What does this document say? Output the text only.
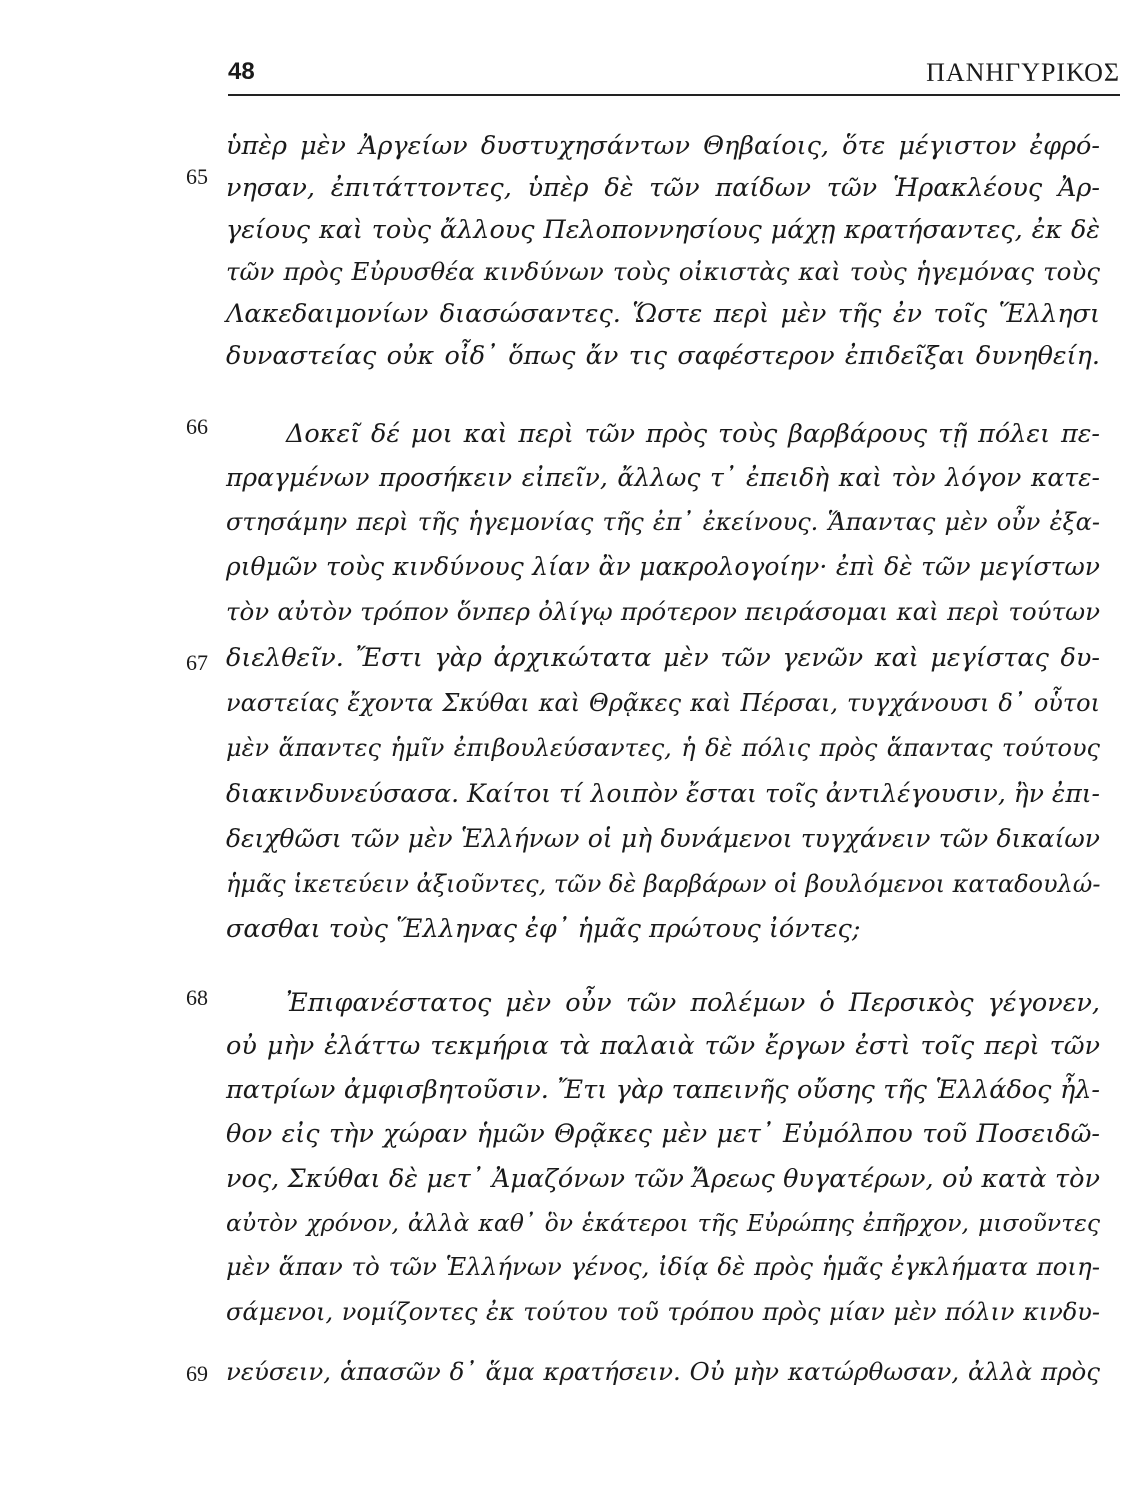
48	ΠΑΝΗΓΥΡΙΚΟΣ
65
66
67
68
69
ὑπὲρ μὲν Ἀργείων δυστυχησάντων Θηβαίοις, ὅτε μέγιστον ἐφρό-
νησαν, ἐπιτάττοντες, ὑπὲρ δὲ τῶν παίδων τῶν Ἡρακλέους Ἀρ-
γείους καὶ τοὺς ἄλλους Πελοποννησίους μάχῃ κρατήσαντες, ἐκ δὲ
τῶν πρὸς Εὐρυσθέα κινδύνων τοὺς οἰκιστὰς καὶ τοὺς ἡγεμόνας τοὺς
Λακεδαιμονίων διασώσαντες. Ὥστε περὶ μὲν τῆς ἐν τοῖς Ἕλλησι
δυναστείας οὐκ οἶδ᾽ ὅπως ἄν τις σαφέστερον ἐπιδεῖξαι δυνηθείη.
Δοκεῖ δέ μοι καὶ περὶ τῶν πρὸς τοὺς βαρβάρους τῇ πόλει πε-
πραγμένων προσήκειν εἰπεῖν, ἄλλως τ᾽ ἐπειδὴ καὶ τὸν λόγον κατε-
στησάμην περὶ τῆς ἡγεμονίας τῆς ἐπ᾽ ἐκείνους. Ἅπαντας μὲν οὖν ἐξα-
ριθμῶν τοὺς κινδύνους λίαν ἂν μακρολογοίην· ἐπὶ δὲ τῶν μεγίστων
τὸν αὐτὸν τρόπον ὅνπερ ὀλίγῳ πρότερον πειράσομαι καὶ περὶ τούτων
διελθεῖν. Ἔστι γὰρ ἀρχικώτατα μὲν τῶν γενῶν καὶ μεγίστας δυ-
ναστείας ἔχοντα Σκύθαι καὶ Θρᾷκες καὶ Πέρσαι, τυγχάνουσι δ᾽ οὗτοι
μὲν ἅπαντες ἡμῖν ἐπιβουλεύσαντες, ἡ δὲ πόλις πρὸς ἅπαντας τούτους
διακινδυνεύσασα. Καίτοι τί λοιπὸν ἔσται τοῖς ἀντιλέγουσιν, ἢν ἐπι-
δειχθῶσι τῶν μὲν Ἑλλήνων οἱ μὴ δυνάμενοι τυγχάνειν τῶν δικαίων
ἡμᾶς ἱκετεύειν ἀξιοῦντες, τῶν δὲ βαρβάρων οἱ βουλόμενοι καταδουλώ-
σασθαι τοὺς Ἕλληνας ἐφ᾽ ἡμᾶς πρώτους ἰόντες;
Ἐπιφανέστατος μὲν οὖν τῶν πολέμων ὁ Περσικὸς γέγονεν,
οὐ μὴν ἐλάττω τεκμήρια τὰ παλαιὰ τῶν ἔργων ἐστὶ τοῖς περὶ τῶν
πατρίων ἀμφισβητοῦσιν. Ἔτι γὰρ ταπεινῆς οὔσης τῆς Ἑλλάδος ἦλ-
θον εἰς τὴν χώραν ἡμῶν Θρᾷκες μὲν μετ᾽ Εὐμόλπου τοῦ Ποσειδῶ-
νος, Σκύθαι δὲ μετ᾽ Ἀμαζόνων τῶν Ἄρεως θυγατέρων, οὐ κατὰ τὸν
αὐτὸν χρόνον, ἀλλὰ καθ᾽ ὃν ἑκάτεροι τῆς Εὐρώπης ἐπῆρχον, μισοῦντες
μὲν ἅπαν τὸ τῶν Ἑλλήνων γένος, ἰδίᾳ δὲ πρὸς ἡμᾶς ἐγκλήματα ποιη-
σάμενοι, νομίζοντες ἐκ τούτου τοῦ τρόπου πρὸς μίαν μὲν πόλιν κινδυ-
νεύσειν, ἁπασῶν δ᾽ ἅμα κρατήσειν. Οὐ μὴν κατώρθωσαν, ἀλλὰ πρὸς
